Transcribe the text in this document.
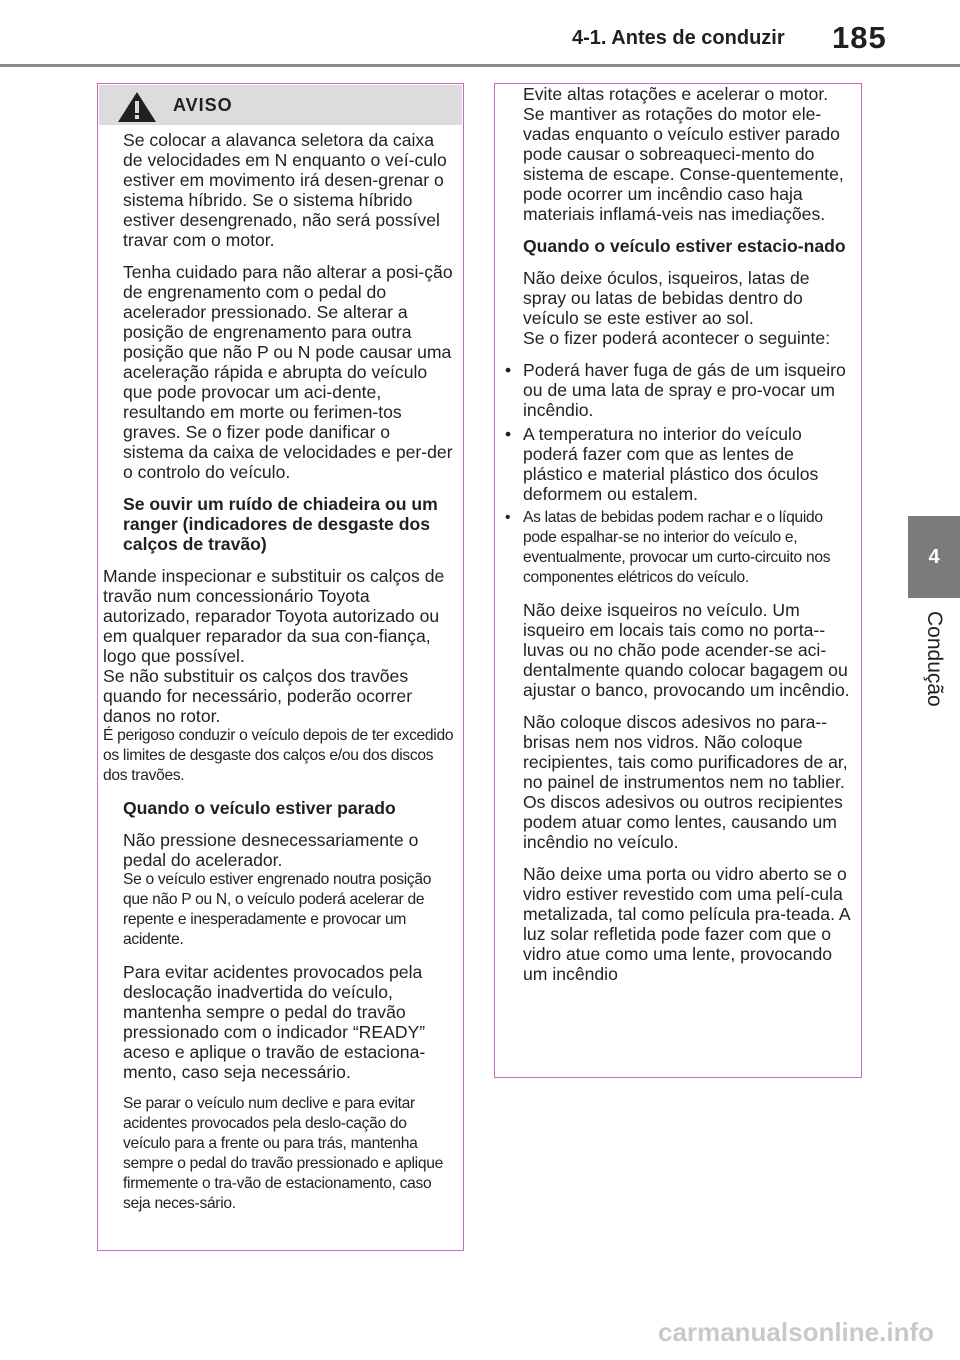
4-1. Antes de conduzir 185
4
Condução
AVISO

Se colocar a alavanca seletora da caixa de velocidades em N enquanto o veí-culo estiver em movimento irá desen-grenar o sistema híbrido. Se o sistema híbrido estiver desengrenado, não será possível travar com o motor.

Tenha cuidado para não alterar a posi-ção de engrenamento com o pedal do acelerador pressionado. Se alterar a posição de engrenamento para outra posição que não P ou N pode causar uma aceleração rápida e abrupta do veículo que pode provocar um aci-dente, resultando em morte ou ferimen-tos graves. Se o fizer pode danificar o sistema da caixa de velocidades e per-der o controlo do veículo.

Se ouvir um ruído de chiadeira ou um ranger (indicadores de desgaste dos calços de travão)

Mande inspecionar e substituir os calços de travão num concessionário Toyota autorizado, reparador Toyota autorizado ou em qualquer reparador da sua con-fiança, logo que possível.
Se não substituir os calços dos travões quando for necessário, poderão ocorrer danos no rotor.
É perigoso conduzir o veículo depois de ter excedido os limites de desgaste dos calços e/ou dos discos dos travões.

Quando o veículo estiver parado

Não pressione desnecessariamente o pedal do acelerador.
Se o veículo estiver engrenado noutra posição que não P ou N, o veículo poderá acelerar de repente e inesperadamente e provocar um acidente.

Para evitar acidentes provocados pela deslocação inadvertida do veículo, mantenha sempre o pedal do travão pressionado com o indicador “READY” aceso e aplique o travão de estaciona-mento, caso seja necessário.

Se parar o veículo num declive e para evitar acidentes provocados pela deslo-cação do veículo para a frente ou para trás, mantenha sempre o pedal do travão pressionado e aplique firmemente o tra-vão de estacionamento, caso seja neces-sário.

Evite altas rotações e acelerar o motor. Se mantiver as rotações do motor ele-vadas enquanto o veículo estiver parado pode causar o sobreaqueci-mento do sistema de escape. Conse-quentemente, pode ocorrer um incêndio caso haja materiais inflamá-veis nas imediações.

Quando o veículo estiver estacio-nado

Não deixe óculos, isqueiros, latas de spray ou latas de bebidas dentro do veículo se este estiver ao sol.
Se o fizer poderá acontecer o seguinte:

• Poderá haver fuga de gás de um isqueiro ou de uma lata de spray e pro-vocar um incêndio.
• A temperatura no interior do veículo poderá fazer com que as lentes de plástico e material plástico dos óculos deformem ou estalem.
• As latas de bebidas podem rachar e o líquido pode espalhar-se no interior do veículo e, eventualmente, provocar um curto-circuito nos componentes elétricos do veículo.

Não deixe isqueiros no veículo. Um isqueiro em locais tais como no porta--luvas ou no chão pode acender-se aci-dentalmente quando colocar bagagem ou ajustar o banco, provocando um incêndio.

Não coloque discos adesivos no para--brisas nem nos vidros. Não coloque recipientes, tais como purificadores de ar, no painel de instrumentos nem no tablier. Os discos adesivos ou outros recipientes podem atuar como lentes, causando um incêndio no veículo.

Não deixe uma porta ou vidro aberto se o vidro estiver revestido com uma pelí-cula metalizada, tal como película pra-teada. A luz solar refletida pode fazer com que o vidro atue como uma lente, provocando um incêndio

carmanualsonline.info
